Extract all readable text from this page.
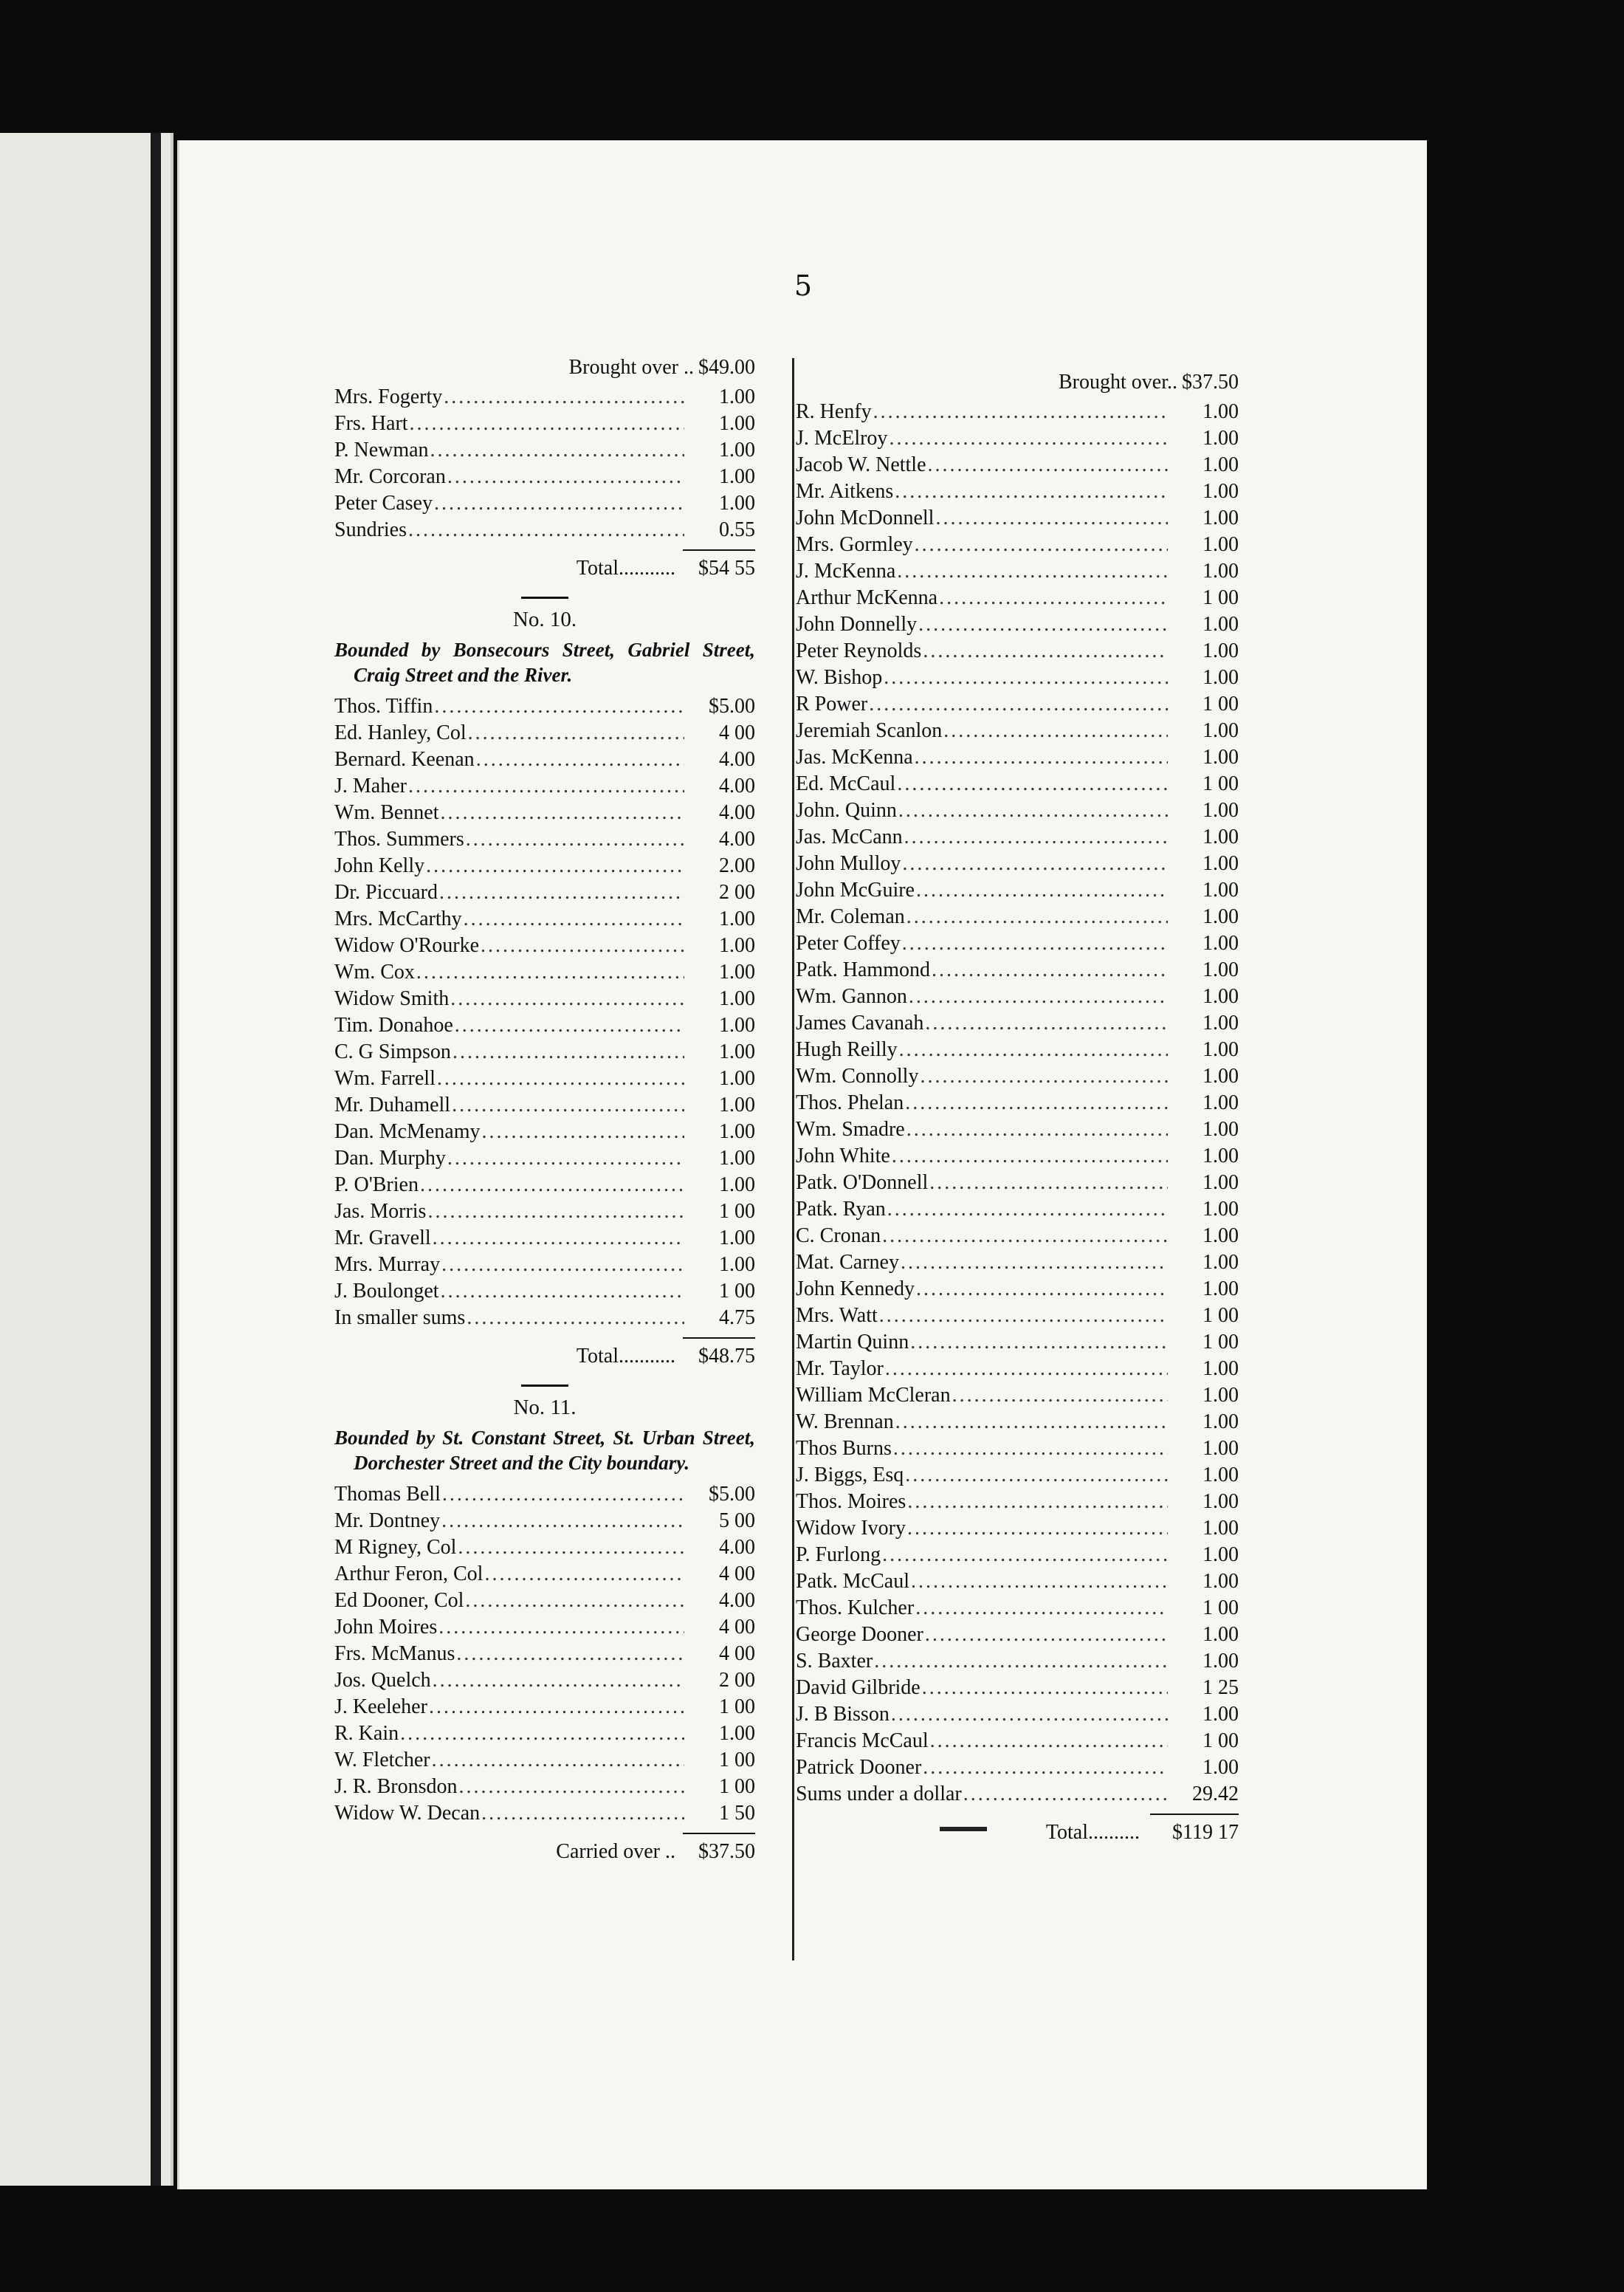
5
Brought over .. $49.00
Mrs. Fogerty .....	1.00
Frs. Hart .....	1.00
P. Newman .....	1.00
Mr. Corcoran .....	1.00
Peter Casey .....	1.00
Sundries .....	0.55
Total...........	$54 55
No. 10.
Bounded by Bonsecours Street, Gabriel Street, Craig Street and the River.
Thos. Tiffin .....	$5.00
Ed. Hanley, Col .....	4 00
Bernard. Keenan .....	4.00
J. Maher .....	4.00
Wm. Bennet .....	4.00
Thos. Summers .....	4.00
John Kelly .....	2.00
Dr. Piccuard .....	2 00
Mrs. McCarthy .....	1.00
Widow O'Rourke .....	1.00
Wm. Cox .....	1.00
Widow Smith .....	1.00
Tim. Donahoe .....	1.00
C. G Simpson .....	1.00
Wm. Farrell .....	1.00
Mr. Duhamell .....	1.00
Dan. McMenamy .....	1.00
Dan. Murphy .....	1.00
P. O'Brien .....	1.00
Jas. Morris .....	1 00
Mr. Gravell .....	1.00
Mrs. Murray .....	1.00
J. Boulonget .....	1 00
In smaller sums .....	4.75
Total...........	$48.75
No. 11.
Bounded by St. Constant Street, St. Urban Street, Dorchester Street and the City boundary.
Thomas Bell .....	$5.00
Mr. Dontney .....	5 00
M Rigney, Col .....	4.00
Arthur Feron, Col .....	4 00
Ed Dooner, Col .....	4.00
John Moires .....	4 00
Frs. McManus .....	4 00
Jos. Quelch .....	2 00
J. Keeleher .....	1 00
R. Kain .....	1.00
W. Fletcher .....	1 00
J. R. Bronsdon .....	1 00
Widow W. Decan .....	1 50
Carried over ..	$37.50
Brought over.. $37.50
R. Henfy .....	1.00
J. McElroy .....	1.00
Jacob W. Nettle .....	1.00
Mr. Aitkens .....	1.00
John McDonnell .....	1.00
Mrs. Gormley .....	1.00
J. McKenna .....	1.00
Arthur McKenna .....	1 00
John Donnelly .....	1.00
Peter Reynolds .....	1.00
W. Bishop .....	1.00
R Power .....	1 00
Jeremiah Scanlon .....	1.00
Jas. McKenna .....	1.00
Ed. McCaul .....	1 00
John. Quinn .....	1.00
Jas. McCann .....	1.00
John Mulloy .....	1.00
John McGuire .....	1.00
Mr. Coleman .....	1.00
Peter Coffey .....	1.00
Patk. Hammond .....	1.00
Wm. Gannon .....	1.00
James Cavanah .....	1.00
Hugh Reilly .....	1.00
Wm. Connolly .....	1.00
Thos. Phelan .....	1.00
Wm. Smadre .....	1.00
John White .....	1.00
Patk. O'Donnell .....	1.00
Patk. Ryan .....	1.00
C. Cronan .....	1.00
Mat. Carney .....	1.00
John Kennedy .....	1.00
Mrs. Watt .....	1 00
Martin Quinn .....	1 00
Mr. Taylor .....	1.00
William McCleran .....	1.00
W. Brennan .....	1.00
Thos Burns .....	1.00
J. Biggs, Esq .....	1.00
Thos. Moires .....	1.00
Widow Ivory .....	1.00
P. Furlong .....	1.00
Patk. McCaul .....	1.00
Thos. Kulcher .....	1 00
George Dooner .....	1.00
S. Baxter .....	1.00
David Gilbride .....	1 25
J. B Bisson .....	1.00
Francis McCaul .....	1 00
Patrick Dooner .....	1.00
Sums under a dollar .....	29.42
Total..........	$119 17
